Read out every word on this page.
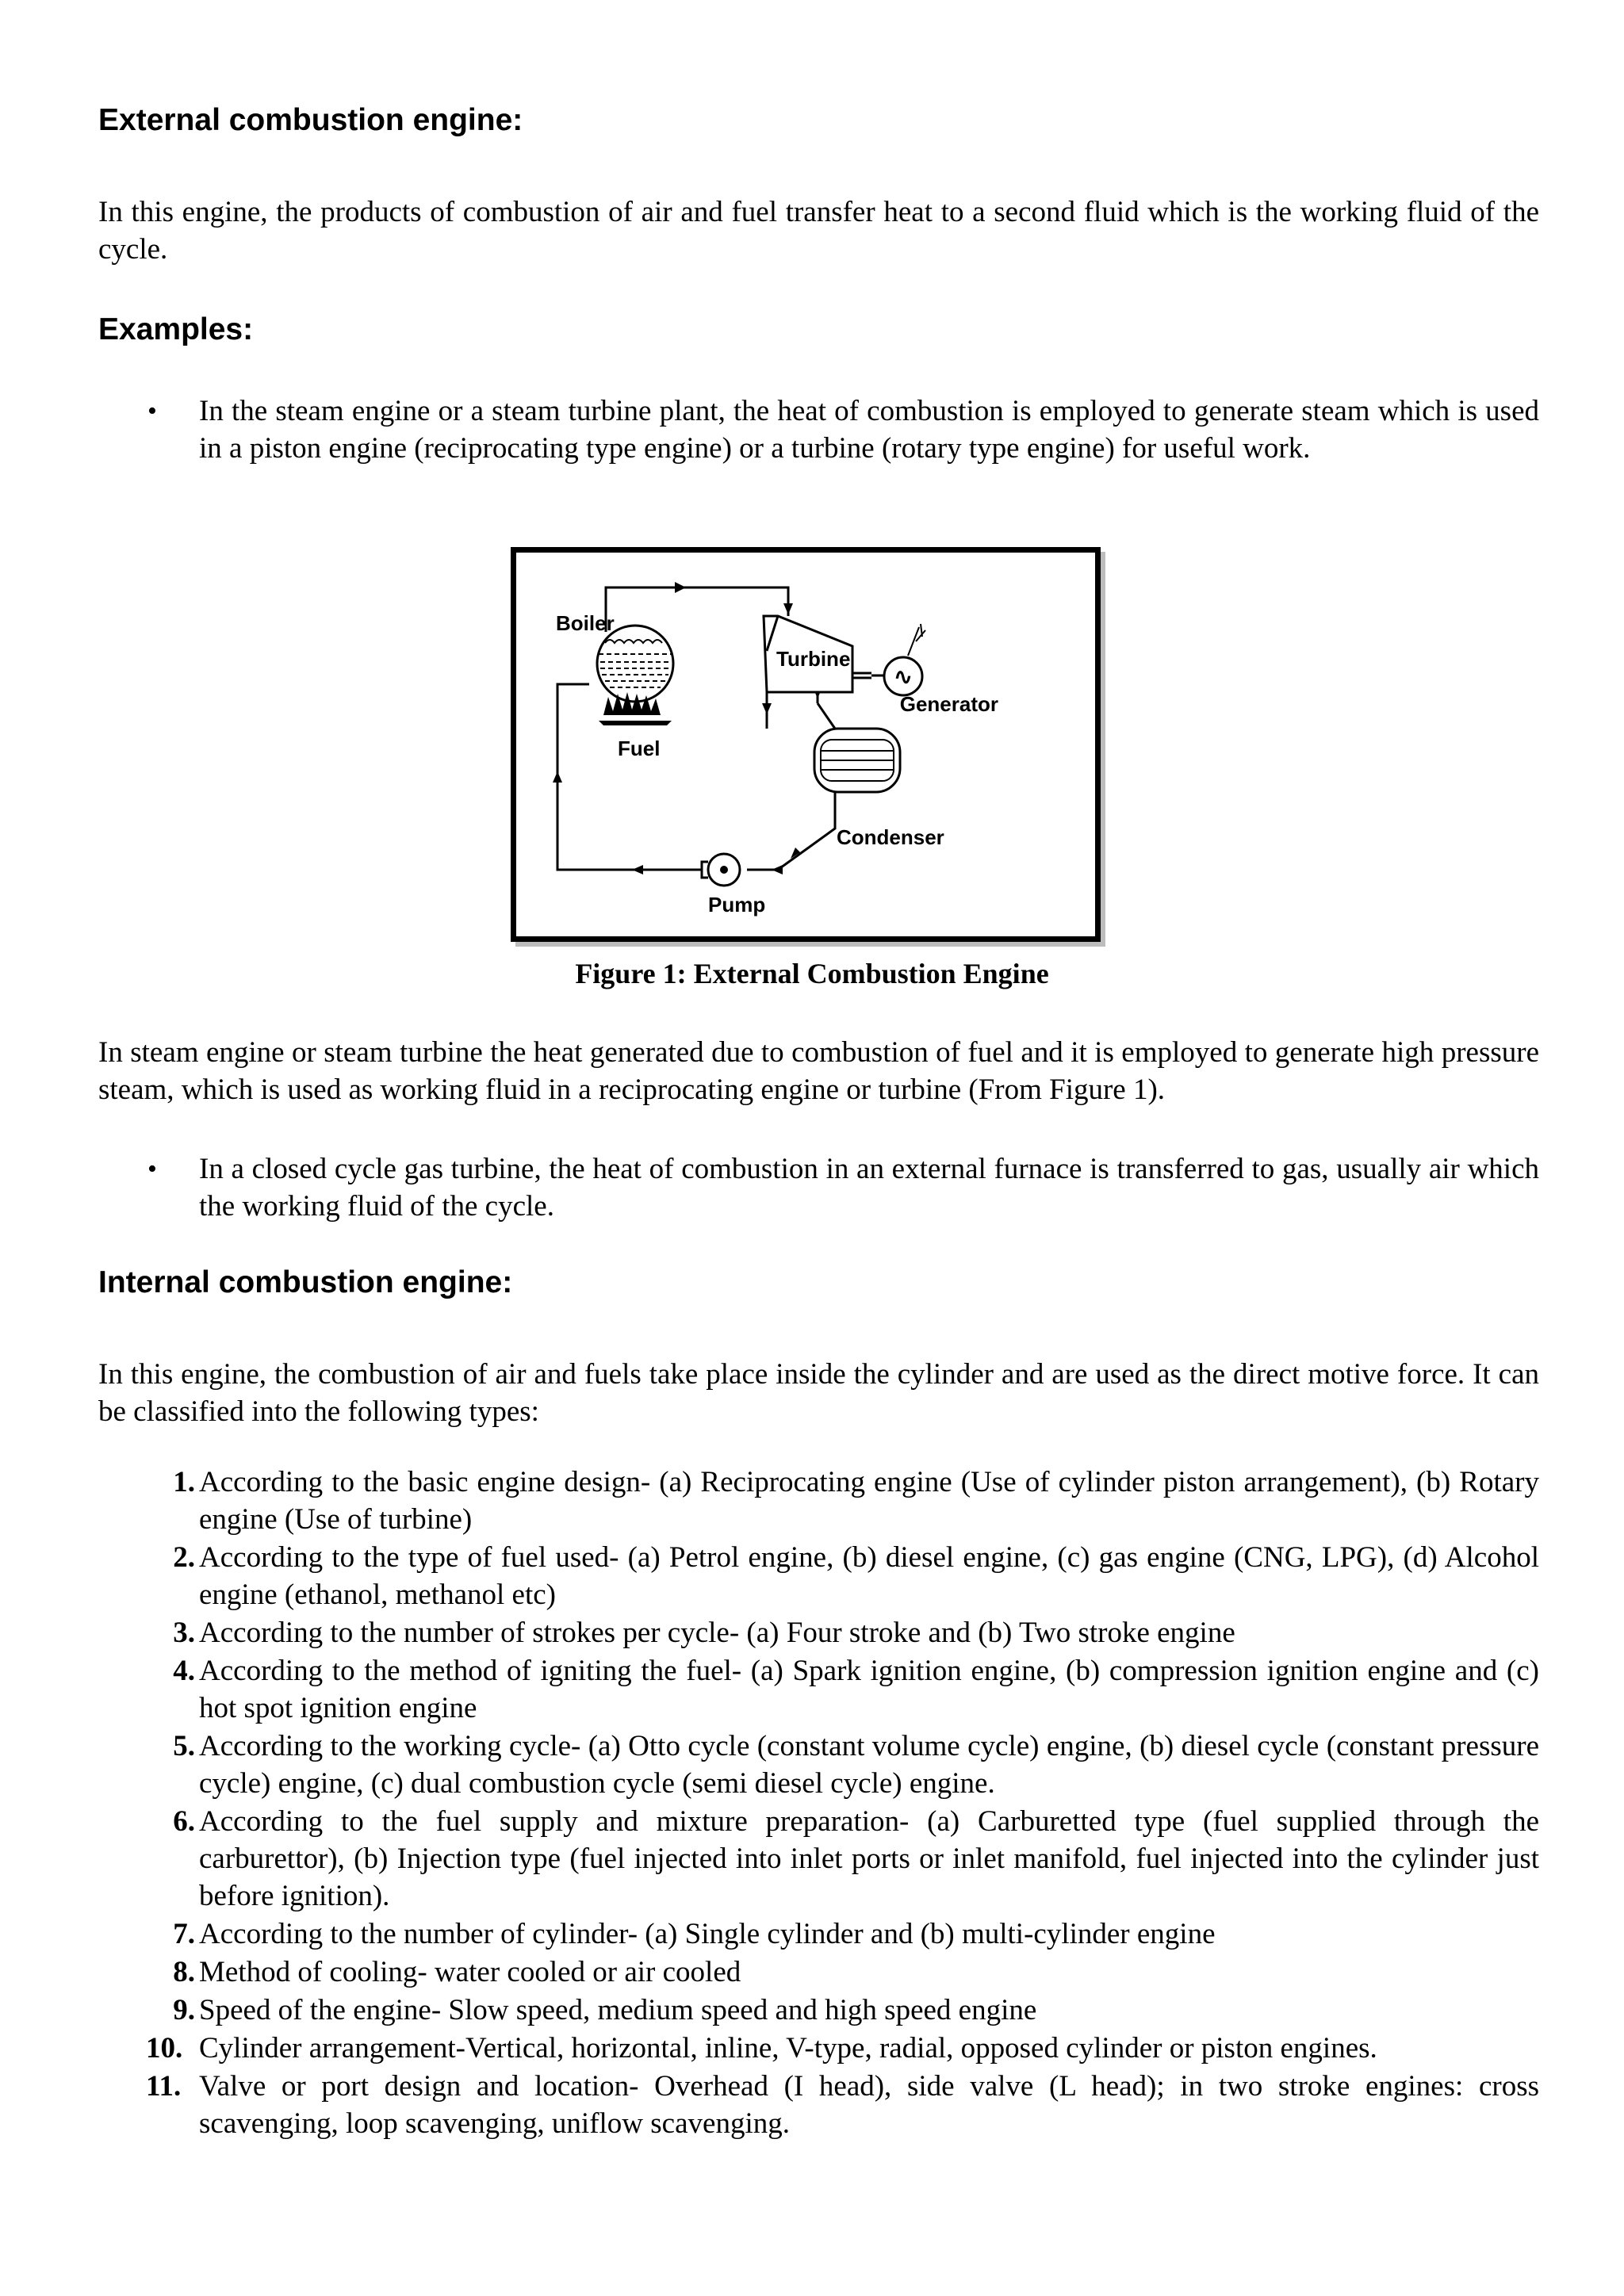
External combustion engine:

In this engine, the products of combustion of air and fuel transfer heat to a second fluid which is the working fluid of the cycle.

Examples:
• In the steam engine or a steam turbine plant, the heat of combustion is employed to generate steam which is used in a piston engine (reciprocating type engine) or a turbine (rotary type engine) for useful work.

∿
Boiler
Turbine
Generator
Fuel
Condenser
Pump

Figure 1: External Combustion Engine

In steam engine or steam turbine the heat generated due to combustion of fuel and it is employed to generate high pressure steam, which is used as working fluid in a reciprocating engine or turbine (From Figure 1).

• In a closed cycle gas turbine, the heat of combustion in an external furnace is transferred to gas, usually air which the working fluid of the cycle.

Internal combustion engine:

In this engine, the combustion of air and fuels take place inside the cylinder and are used as the direct motive force. It can be classified into the following types:

1. According to the basic engine design- (a) Reciprocating engine (Use of cylinder piston arrangement), (b) Rotary engine (Use of turbine)
2. According to the type of fuel used- (a) Petrol engine, (b) diesel engine, (c) gas engine (CNG, LPG), (d) Alcohol engine (ethanol, methanol etc)
3. According to the number of strokes per cycle- (a) Four stroke and (b) Two stroke engine
4. According to the method of igniting the fuel- (a) Spark ignition engine, (b) compression ignition engine and (c) hot spot ignition engine
5. According to the working cycle- (a) Otto cycle (constant volume cycle) engine, (b) diesel cycle (constant pressure cycle) engine, (c) dual combustion cycle (semi diesel cycle) engine.
6. According to the fuel supply and mixture preparation- (a) Carburetted type (fuel supplied through the carburettor), (b) Injection type (fuel injected into inlet ports or inlet manifold, fuel injected into the cylinder just before ignition).
7. According to the number of cylinder- (a) Single cylinder and (b) multi-cylinder engine
8. Method of cooling- water cooled or air cooled
9. Speed of the engine- Slow speed, medium speed and high speed engine
10. Cylinder arrangement-Vertical, horizontal, inline, V-type, radial, opposed cylinder or piston engines.
11. Valve or port design and location- Overhead (I head), side valve (L head); in two stroke engines: cross scavenging, loop scavenging, uniflow scavenging.
